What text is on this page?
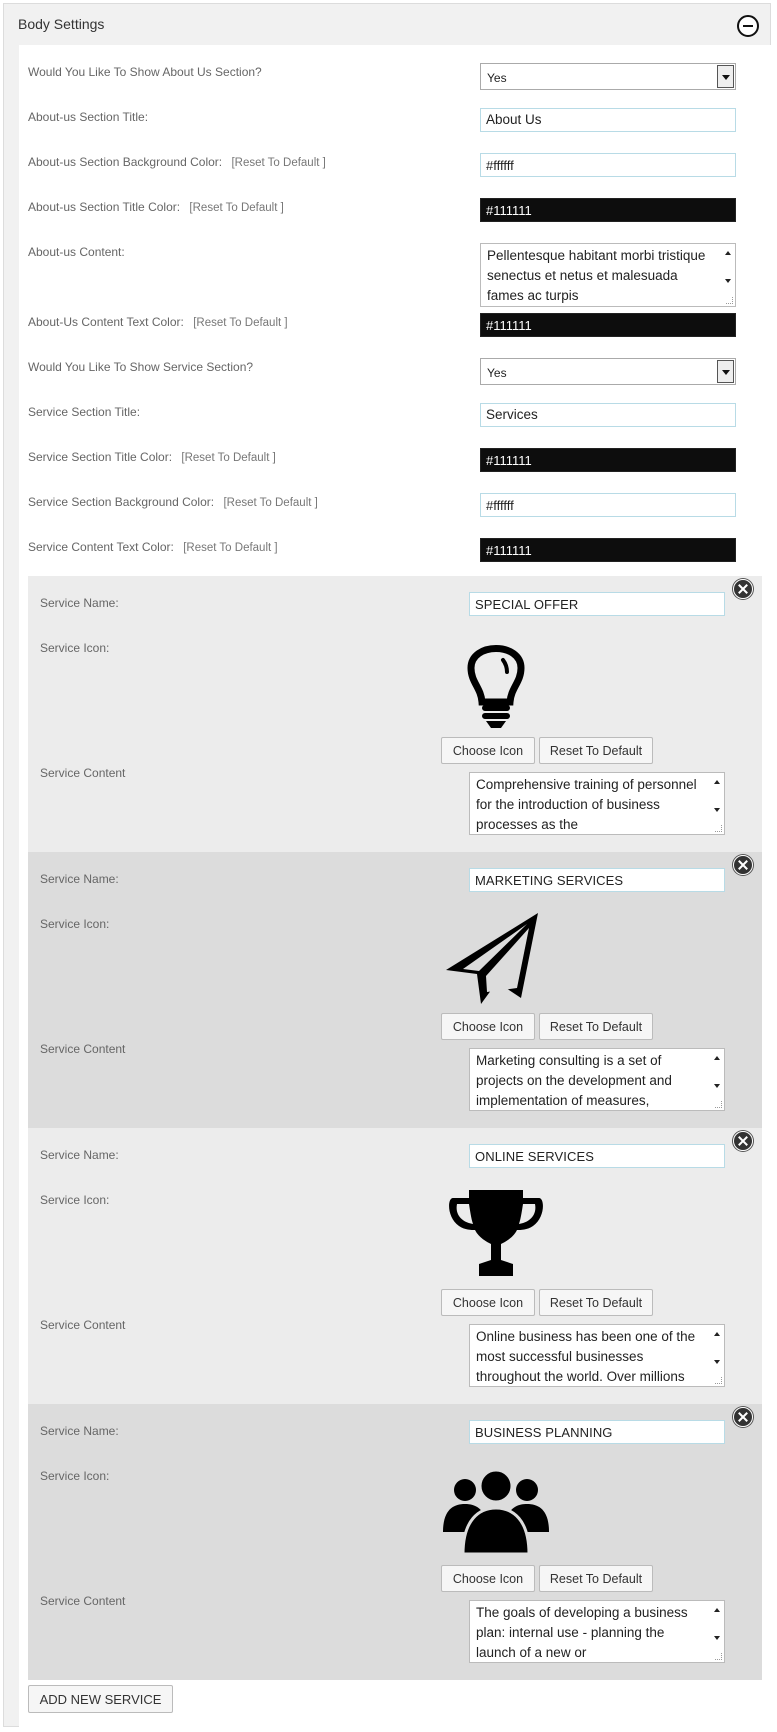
Body Settings
Would You Like To Show About Us Section?	Yes
About-us Section Title:	About Us
About-us Section Background Color: [Reset To Default ]	#ffffff
About-us Section Title Color: [Reset To Default ]	#111111
About-us Content:	Pellentesque habitant morbi tristique senectus et netus et malesuada fames ac turpis
About-Us Content Text Color: [Reset To Default ]	#111111
Would You Like To Show Service Section?	Yes
Service Section Title:	Services
Service Section Title Color: [Reset To Default ]	#111111
Service Section Background Color: [Reset To Default ]	#ffffff
Service Content Text Color: [Reset To Default ]	#111111
Service Name:	SPECIAL OFFER
Service Icon:
Choose Icon	Reset To Default
Service Content
Comprehensive training of personnel for the introduction of business processes as the
Service Name:	MARKETING SERVICES
Service Icon:
Choose Icon	Reset To Default
Service Content
Marketing consulting is a set of projects on the development and implementation of measures,
Service Name:	ONLINE SERVICES
Service Icon:
Choose Icon	Reset To Default
Service Content
Online business has been one of the most successful businesses throughout the world. Over millions
Service Name:	BUSINESS PLANNING
Service Icon:
Choose Icon	Reset To Default
Service Content
The goals of developing a business plan: internal use - planning the launch of a new or
ADD NEW SERVICE
